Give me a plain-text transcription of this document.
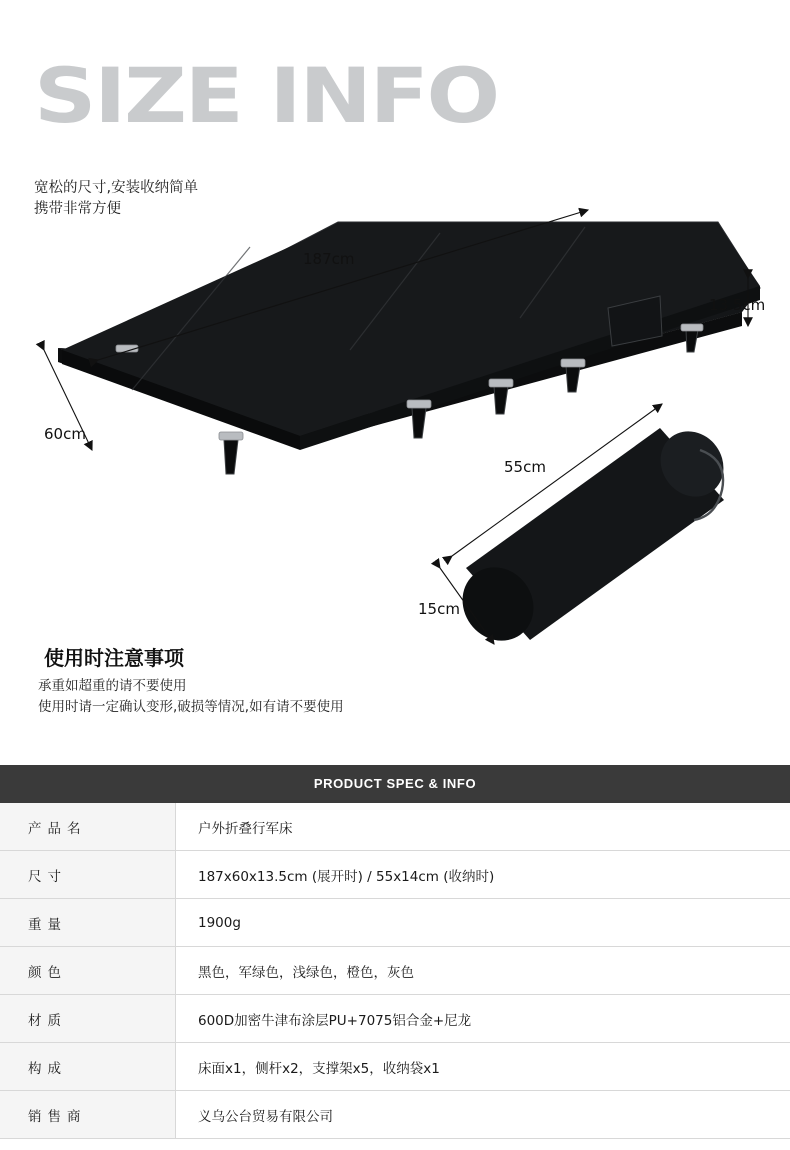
SIZE INFO
宽松的尺寸,安装收纳简单
携带非常方便
187cm
60cm
13.5cm
55cm
15cm
使用时注意事项
承重如超重的请不要使用
使用时请一定确认变形,破损等情况,如有请不要使用
PRODUCT SPEC & INFO
产品名	户外折叠行军床
尺寸	187x60x13.5cm (展开时) / 55x14cm (收纳时)
重量	1900g
颜色	黑色，军绿色，浅绿色，橙色，灰色
材质	600D加密牛津布涂层PU+7075铝合金+尼龙
构成	床面x1，侧杆x2，支撑架x5，收纳袋x1
销售商	义乌公台贸易有限公司
